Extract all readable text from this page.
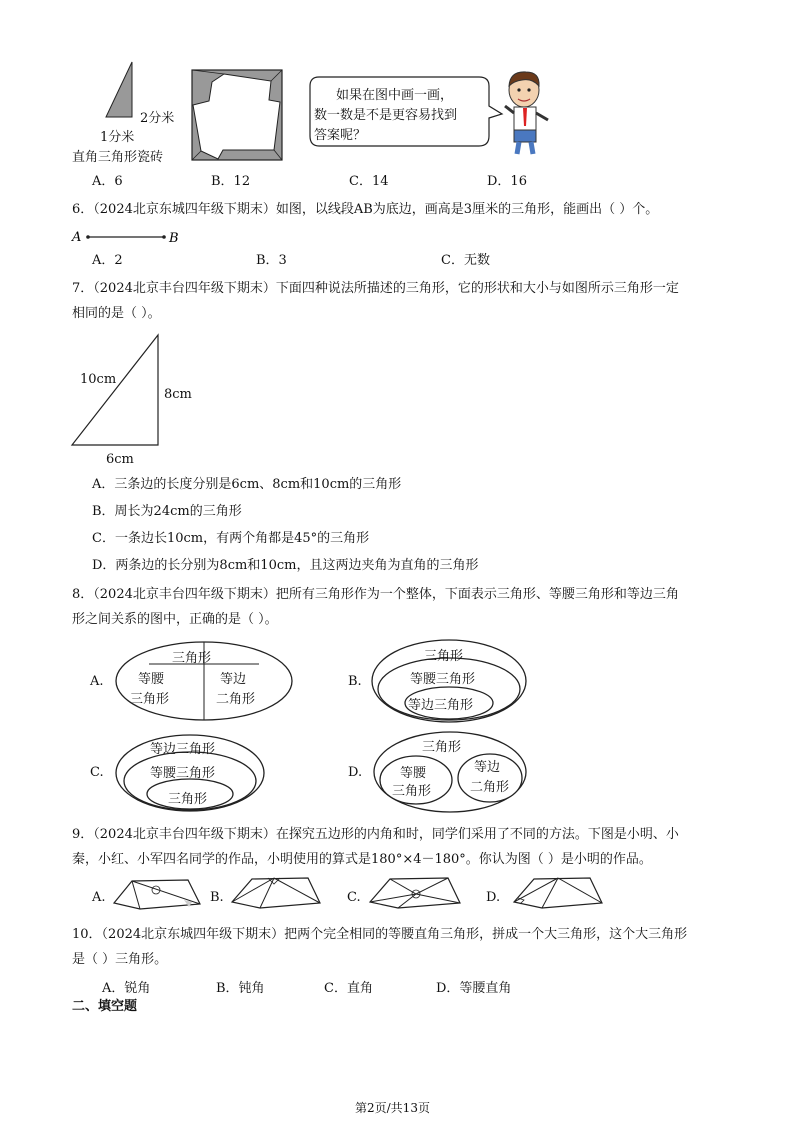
2分米
1分米
直角三角形瓷砖
如果在图中画一画，
数一数是不是更容易找到
答案呢？
A．6	B．12	C．14	D．16
6．（2024北京东城四年级下期末）如图，以线段AB为底边，画高是3厘米的三角形，能画出（ ）个。
A	B
A．2	B．3	C．无数
7．（2024北京丰台四年级下期末）下面四种说法所描述的三角形，它的形状和大小与如图所示三角形一定
相同的是（ ）。
10cm
8cm
6cm
A．三条边的长度分别是6cm、8cm和10cm的三角形
B．周长为24cm的三角形
C．一条边长10cm，有两个角都是45°的三角形
D．两条边的长分别为8cm和10cm，且这两边夹角为直角的三角形
8．（2024北京丰台四年级下期末）把所有三角形作为一个整体，下面表示三角形、等腰三角形和等边三角
形之间关系的图中，正确的是（ ）。
A.
三角形
等腰
三角形
等边
二角形
B.
三角形
等腰三角形
等边三角形
C.
等边三角形
等腰三角形
三角形
D.
三角形
等腰
三角形
等边
二角形
9．（2024北京丰台四年级下期末）在探究五边形的内角和时，同学们采用了不同的方法。下图是小明、小
秦，小红、小军四名同学的作品，小明使用的算式是180°×4－180°。你认为图（ ）是小明的作品。
A.	B.	C.	D.
10．（2024北京东城四年级下期末）把两个完全相同的等腰直角三角形，拼成一个大三角形，这个大三角形
是（ ）三角形。
A．锐角	B．钝角	C．直角	D．等腰直角
二、填空题
第2页/共13页
